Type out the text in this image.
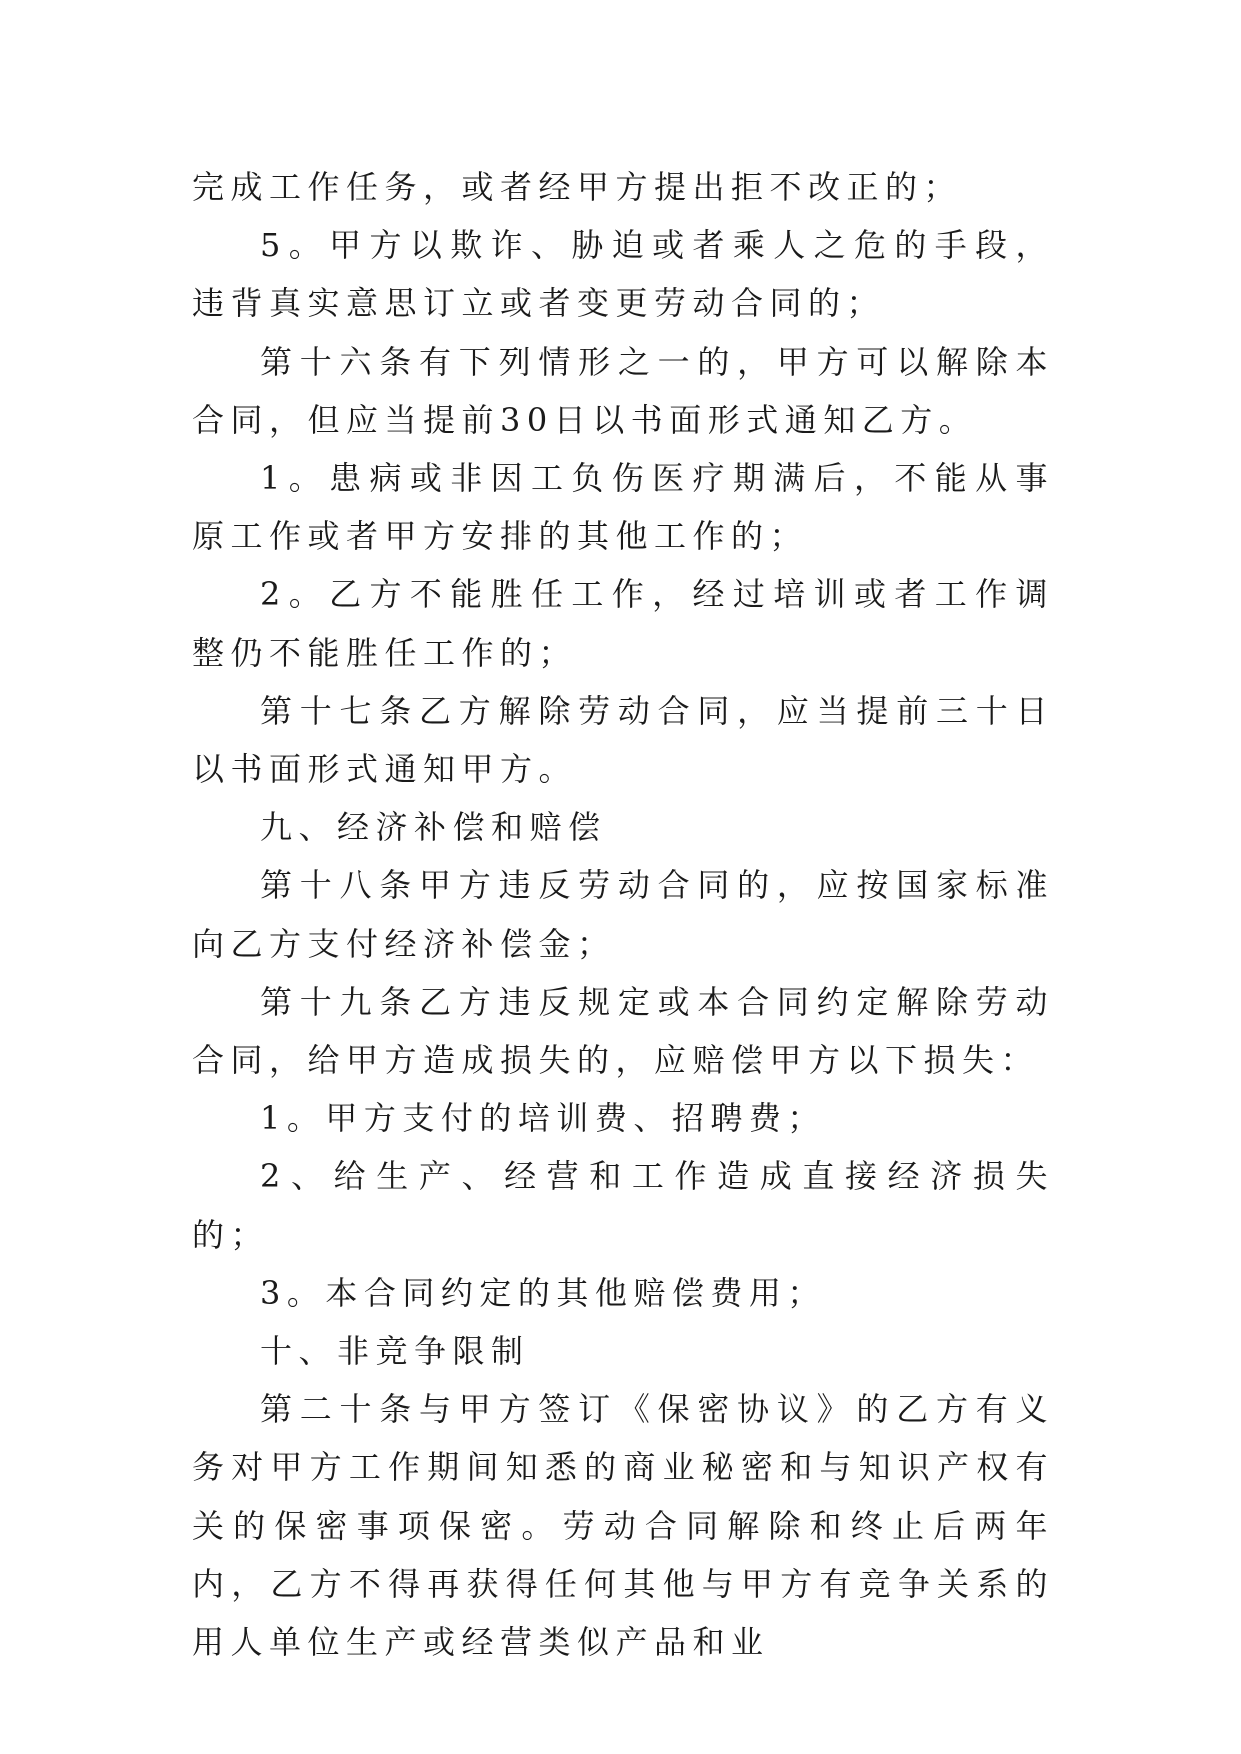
完成工作任务，或者经甲方提出拒不改正的；

5。甲方以欺诈、胁迫或者乘人之危的手段，违背真实意思订立或者变更劳动合同的；

第十六条有下列情形之一的，甲方可以解除本合同，但应当提前30日以书面形式通知乙方。

1。患病或非因工负伤医疗期满后，不能从事原工作或者甲方安排的其他工作的；

2。乙方不能胜任工作，经过培训或者工作调整仍不能胜任工作的；

第十七条乙方解除劳动合同，应当提前三十日以书面形式通知甲方。

九、经济补偿和赔偿

第十八条甲方违反劳动合同的，应按国家标准向乙方支付经济补偿金；

第十九条乙方违反规定或本合同约定解除劳动合同，给甲方造成损失的，应赔偿甲方以下损失：

1。甲方支付的培训费、招聘费；

2、给生产、经营和工作造成直接经济损失的；

3。本合同约定的其他赔偿费用；

十、非竞争限制

第二十条与甲方签订《保密协议》的乙方有义务对甲方工作期间知悉的商业秘密和与知识产权有关的保密事项保密。劳动合同解除和终止后两年内，乙方不得再获得任何其他与甲方有竞争关系的用人单位生产或经营类似产品和业
